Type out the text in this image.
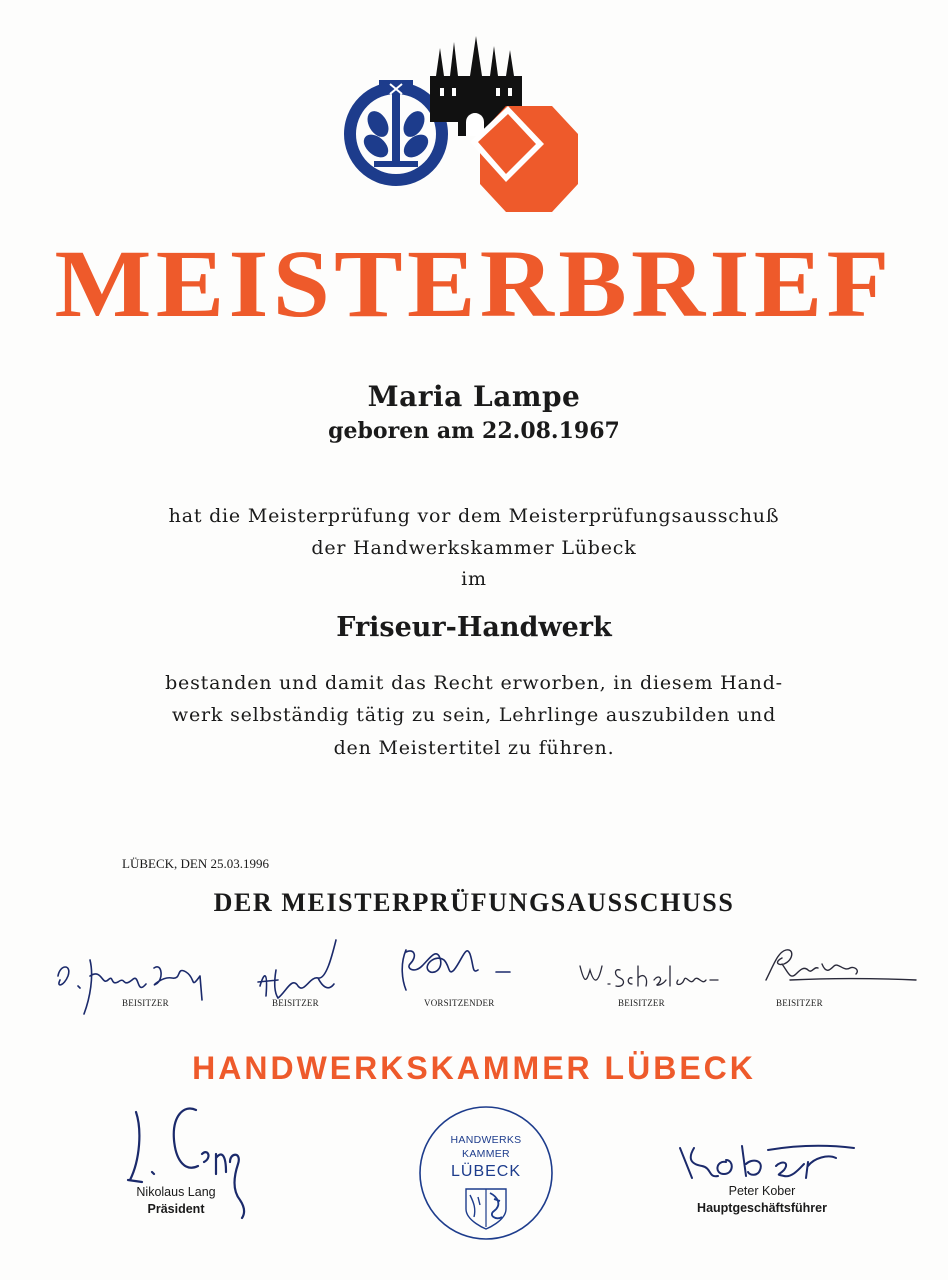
MEISTERBRIEF
Maria Lampe
geboren am 22.08.1967
hat die Meisterprüfung vor dem Meisterprüfungsausschuß
der Handwerkskammer Lübeck
im
Friseur-Handwerk
bestanden und damit das Recht erworben, in diesem Hand-
werk selbständig tätig zu sein, Lehrlinge auszubilden und
den Meistertitel zu führen.
LÜBECK, DEN 25.03.1996
DER MEISTERPRÜFUNGSAUSSCHUSS
BEISITZER	BEISITZER	VORSITZENDER	BEISITZER	BEISITZER
HANDWERKSKAMMER LÜBECK
Nikolaus Lang
Präsident
HANDWERKS
KAMMER
LÜBECK
Peter Kober
Hauptgeschäftsführer
